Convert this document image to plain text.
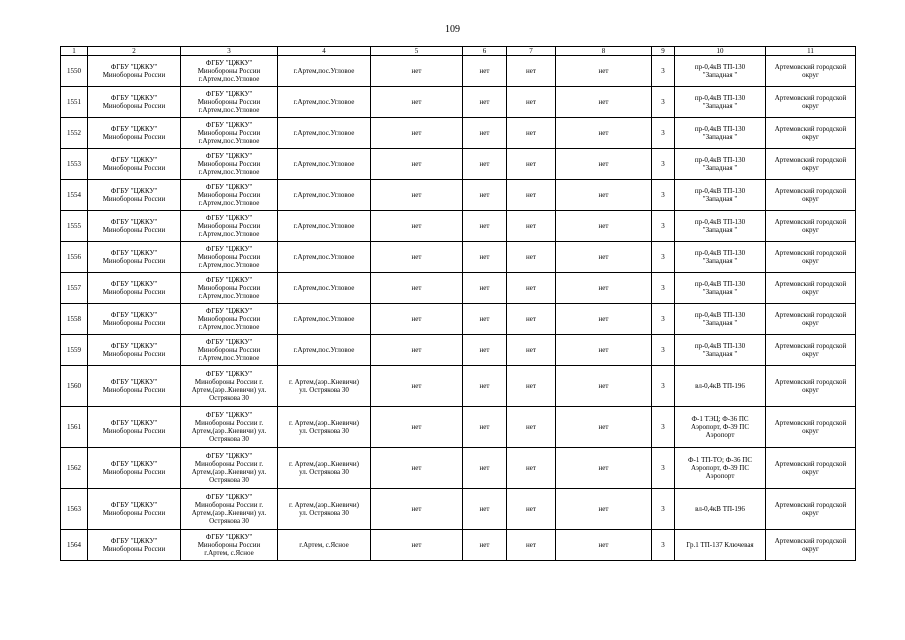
109
1	2	3	4	5	6	7	8	9	10	11
1550	ФГБУ "ЦЖКУ"
Минобороны России	ФГБУ "ЦЖКУ"
Минобороны России
г.Артем,пос.Угловое	г.Артем,пос.Угловое	нет	нет	нет	нет	3	пр-0,4кВ ТП-130
"Западная "	Артемовский городской
округ

1551	ФГБУ "ЦЖКУ"
Минобороны России	ФГБУ "ЦЖКУ"
Минобороны России
г.Артем,пос.Угловое	г.Артем,пос.Угловое	нет	нет	нет	нет	3	пр-0,4кВ ТП-130
"Западная "	Артемовский городской
округ

1552	ФГБУ "ЦЖКУ"
Минобороны России	ФГБУ "ЦЖКУ"
Минобороны России
г.Артем,пос.Угловое	г.Артем,пос.Угловое	нет	нет	нет	нет	3	пр-0,4кВ ТП-130
"Западная "	Артемовский городской
округ

1553	ФГБУ "ЦЖКУ"
Минобороны России	ФГБУ "ЦЖКУ"
Минобороны России
г.Артем,пос.Угловое	г.Артем,пос.Угловое	нет	нет	нет	нет	3	пр-0,4кВ ТП-130
"Западная "	Артемовский городской
округ

1554	ФГБУ "ЦЖКУ"
Минобороны России	ФГБУ "ЦЖКУ"
Минобороны России
г.Артем,пос.Угловое	г.Артем,пос.Угловое	нет	нет	нет	нет	3	пр-0,4кВ ТП-130
"Западная "	Артемовский городской
округ

1555	ФГБУ "ЦЖКУ"
Минобороны России	ФГБУ "ЦЖКУ"
Минобороны России
г.Артем,пос.Угловое	г.Артем,пос.Угловое	нет	нет	нет	нет	3	пр-0,4кВ ТП-130
"Западная "	Артемовский городской
округ

1556	ФГБУ "ЦЖКУ"
Минобороны России	ФГБУ "ЦЖКУ"
Минобороны России
г.Артем,пос.Угловое	г.Артем,пос.Угловое	нет	нет	нет	нет	3	пр-0,4кВ ТП-130
"Западная "	Артемовский городской
округ

1557	ФГБУ "ЦЖКУ"
Минобороны России	ФГБУ "ЦЖКУ"
Минобороны России
г.Артем,пос.Угловое	г.Артем,пос.Угловое	нет	нет	нет	нет	3	пр-0,4кВ ТП-130
"Западная "	Артемовский городской
округ

1558	ФГБУ "ЦЖКУ"
Минобороны России	ФГБУ "ЦЖКУ"
Минобороны России
г.Артем,пос.Угловое	г.Артем,пос.Угловое	нет	нет	нет	нет	3	пр-0,4кВ ТП-130
"Западная "	Артемовский городской
округ

1559	ФГБУ "ЦЖКУ"
Минобороны России	ФГБУ "ЦЖКУ"
Минобороны России
г.Артем,пос.Угловое	г.Артем,пос.Угловое	нет	нет	нет	нет	3	пр-0,4кВ ТП-130
"Западная "	Артемовский городской
округ

1560	ФГБУ "ЦЖКУ"
Минобороны России	ФГБУ "ЦЖКУ"
Минобороны России г.
Артем,(аэр..Кневичи) ул.
Острякова 30	г. Артем,(аэр..Кневичи)
ул. Острякова 30	нет	нет	нет	нет	3	вл-0,4кВ ТП-196	Артемовский городской
округ

1561	ФГБУ "ЦЖКУ"
Минобороны России	ФГБУ "ЦЖКУ"
Минобороны России г.
Артем,(аэр..Кневичи) ул.
Острякова 30	г. Артем,(аэр..Кневичи)
ул. Острякова 30	нет	нет	нет	нет	3	Ф-1 ТЭЦ; Ф-36 ПС
Аэропорт, Ф-39 ПС
Аэропорт	Артемовский городской
округ

1562	ФГБУ "ЦЖКУ"
Минобороны России	ФГБУ "ЦЖКУ"
Минобороны России г.
Артем,(аэр..Кневичи) ул.
Острякова 30	г. Артем,(аэр..Кневичи)
ул. Острякова 30	нет	нет	нет	нет	3	Ф-1 ТП-ТО; Ф-36 ПС
Аэропорт, Ф-39 ПС
Аэропорт	Артемовский городской
округ

1563	ФГБУ "ЦЖКУ"
Минобороны России	ФГБУ "ЦЖКУ"
Минобороны России г.
Артем,(аэр..Кневичи) ул.
Острякова 30	г. Артем,(аэр..Кневичи)
ул. Острякова 30	нет	нет	нет	нет	3	вл-0,4кВ ТП-196	Артемовский городской
округ

1564	ФГБУ "ЦЖКУ"
Минобороны России	ФГБУ "ЦЖКУ"
Минобороны России
г.Артем, с.Ясное	г.Артем, с.Ясное	нет	нет	нет	нет	3	Гр.1 ТП-137 Ключевая	Артемовский городской
округ
